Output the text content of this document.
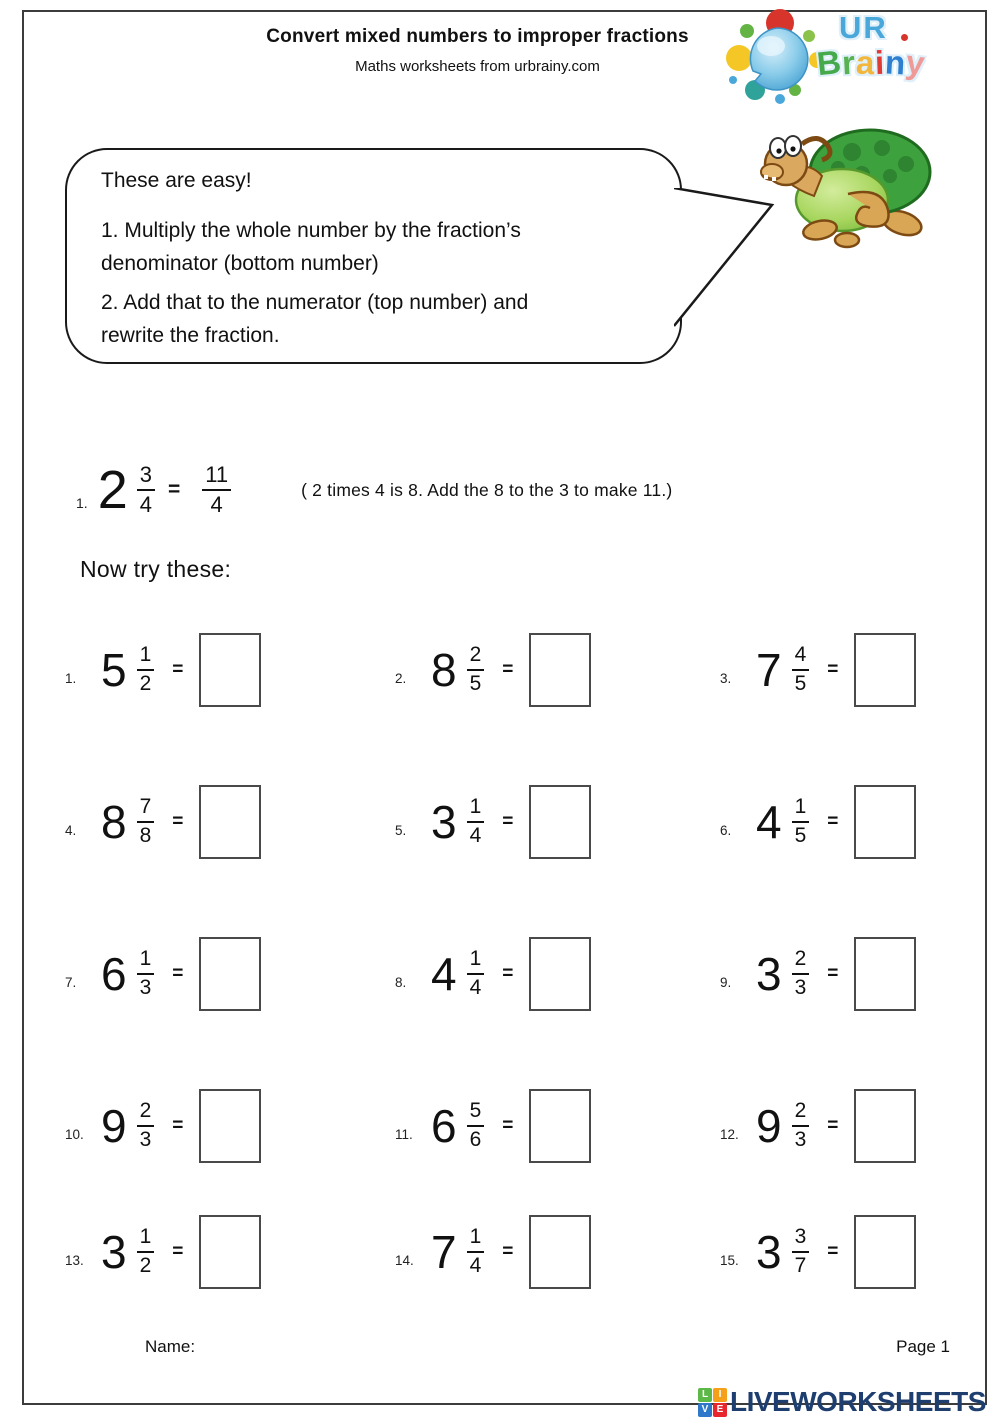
Convert mixed numbers to improper fractions
Maths worksheets from urbrainy.com
UR
Brainy

These are easy!

1. Multiply the whole number by the fraction’s
denominator (bottom number)

2. Add that to the numerator (top number) and
rewrite the fraction.

1. $2 \frac{3}{4} = \frac{11}{4}$	( 2 times 4 is 8. Add the 8 to the 3 to make 11.)
Now try these:
1. $5 \frac{1}{2}$ =	2. $8 \frac{2}{5}$ =	3. $7 \frac{4}{5}$ =
4. $8 \frac{7}{8}$ =	5. $3 \frac{1}{4}$ =	6. $4 \frac{1}{5}$ =
7. $6 \frac{1}{3}$ =	8. $4 \frac{1}{4}$ =	9. $3 \frac{2}{3}$ =
10. $9 \frac{2}{3}$ =	11. $6 \frac{5}{6}$ =	12. $9 \frac{2}{3}$ =
13. $3 \frac{1}{2}$ =	14. $7 \frac{1}{4}$ =	15. $3 \frac{3}{7}$ =
Name:	Page 1
L	I
V E LIVEWORKSHEETS
